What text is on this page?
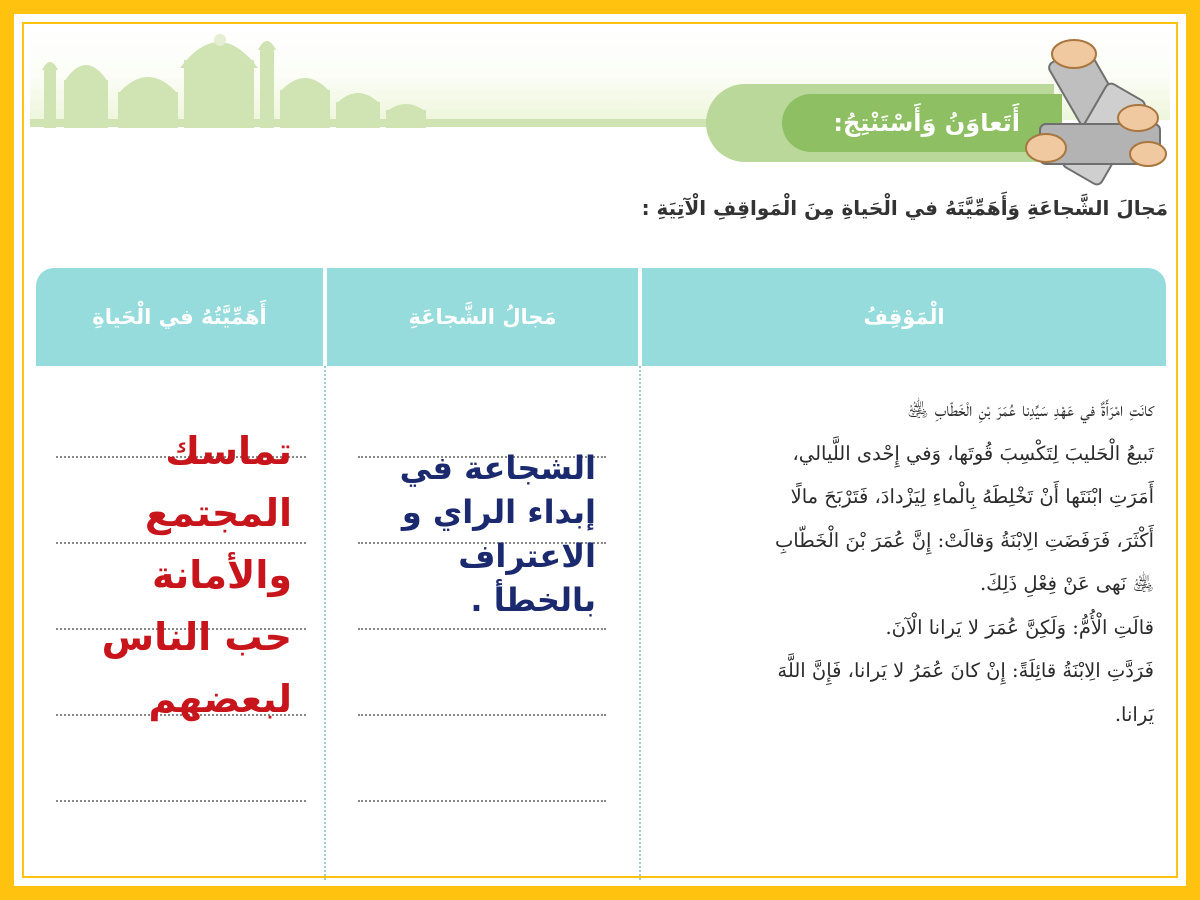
أَتَعاوَنُ وَأَسْتَنْتِجُ:
مَجالَ الشَّجاعَةِ وَأَهَمِّيَّتَهُ في الْحَياةِ مِنَ الْمَواقِفِ الْآتِيَةِ :
الْمَوْقِفُ
مَجالُ الشَّجاعَةِ
أَهَمِّيَّتُهُ في الْحَياةِ

كانَتِ امْرَأَةٌ في عَهْدِ سَيِّدِنا عُمَرَ بْنِ الْخَطّابِ ﵁

تَبيعُ الْحَليبَ لِتَكْسِبَ قُوتَها، وَفي إِحْدى اللَّيالي،

أَمَرَتِ ابْنَتَها أَنْ تَخْلِطَهُ بِالْماءِ لِيَزْدادَ، فَتَرْبَحَ مالًا

أَكْثَرَ، فَرَفَضَتِ الِابْنَةُ وَقالَتْ: إِنَّ عُمَرَ بْنَ الْخَطّابِ

﵁ نَهى عَنْ فِعْلِ ذَلِكَ.

قالَتِ الْأُمُّ: وَلَكِنَّ عُمَرَ لا يَرانا الْآنَ.

فَرَدَّتِ الِابْنَةُ قائِلَةً: إِنْ كانَ عُمَرُ لا يَرانا، فَإِنَّ اللَّهَ

يَرانا.

الشجاعة في
إبداء الراي و
الاعتراف
بالخطأ .
تماسك
المجتمع
والأمانة
حب الناس
لبعضهم
